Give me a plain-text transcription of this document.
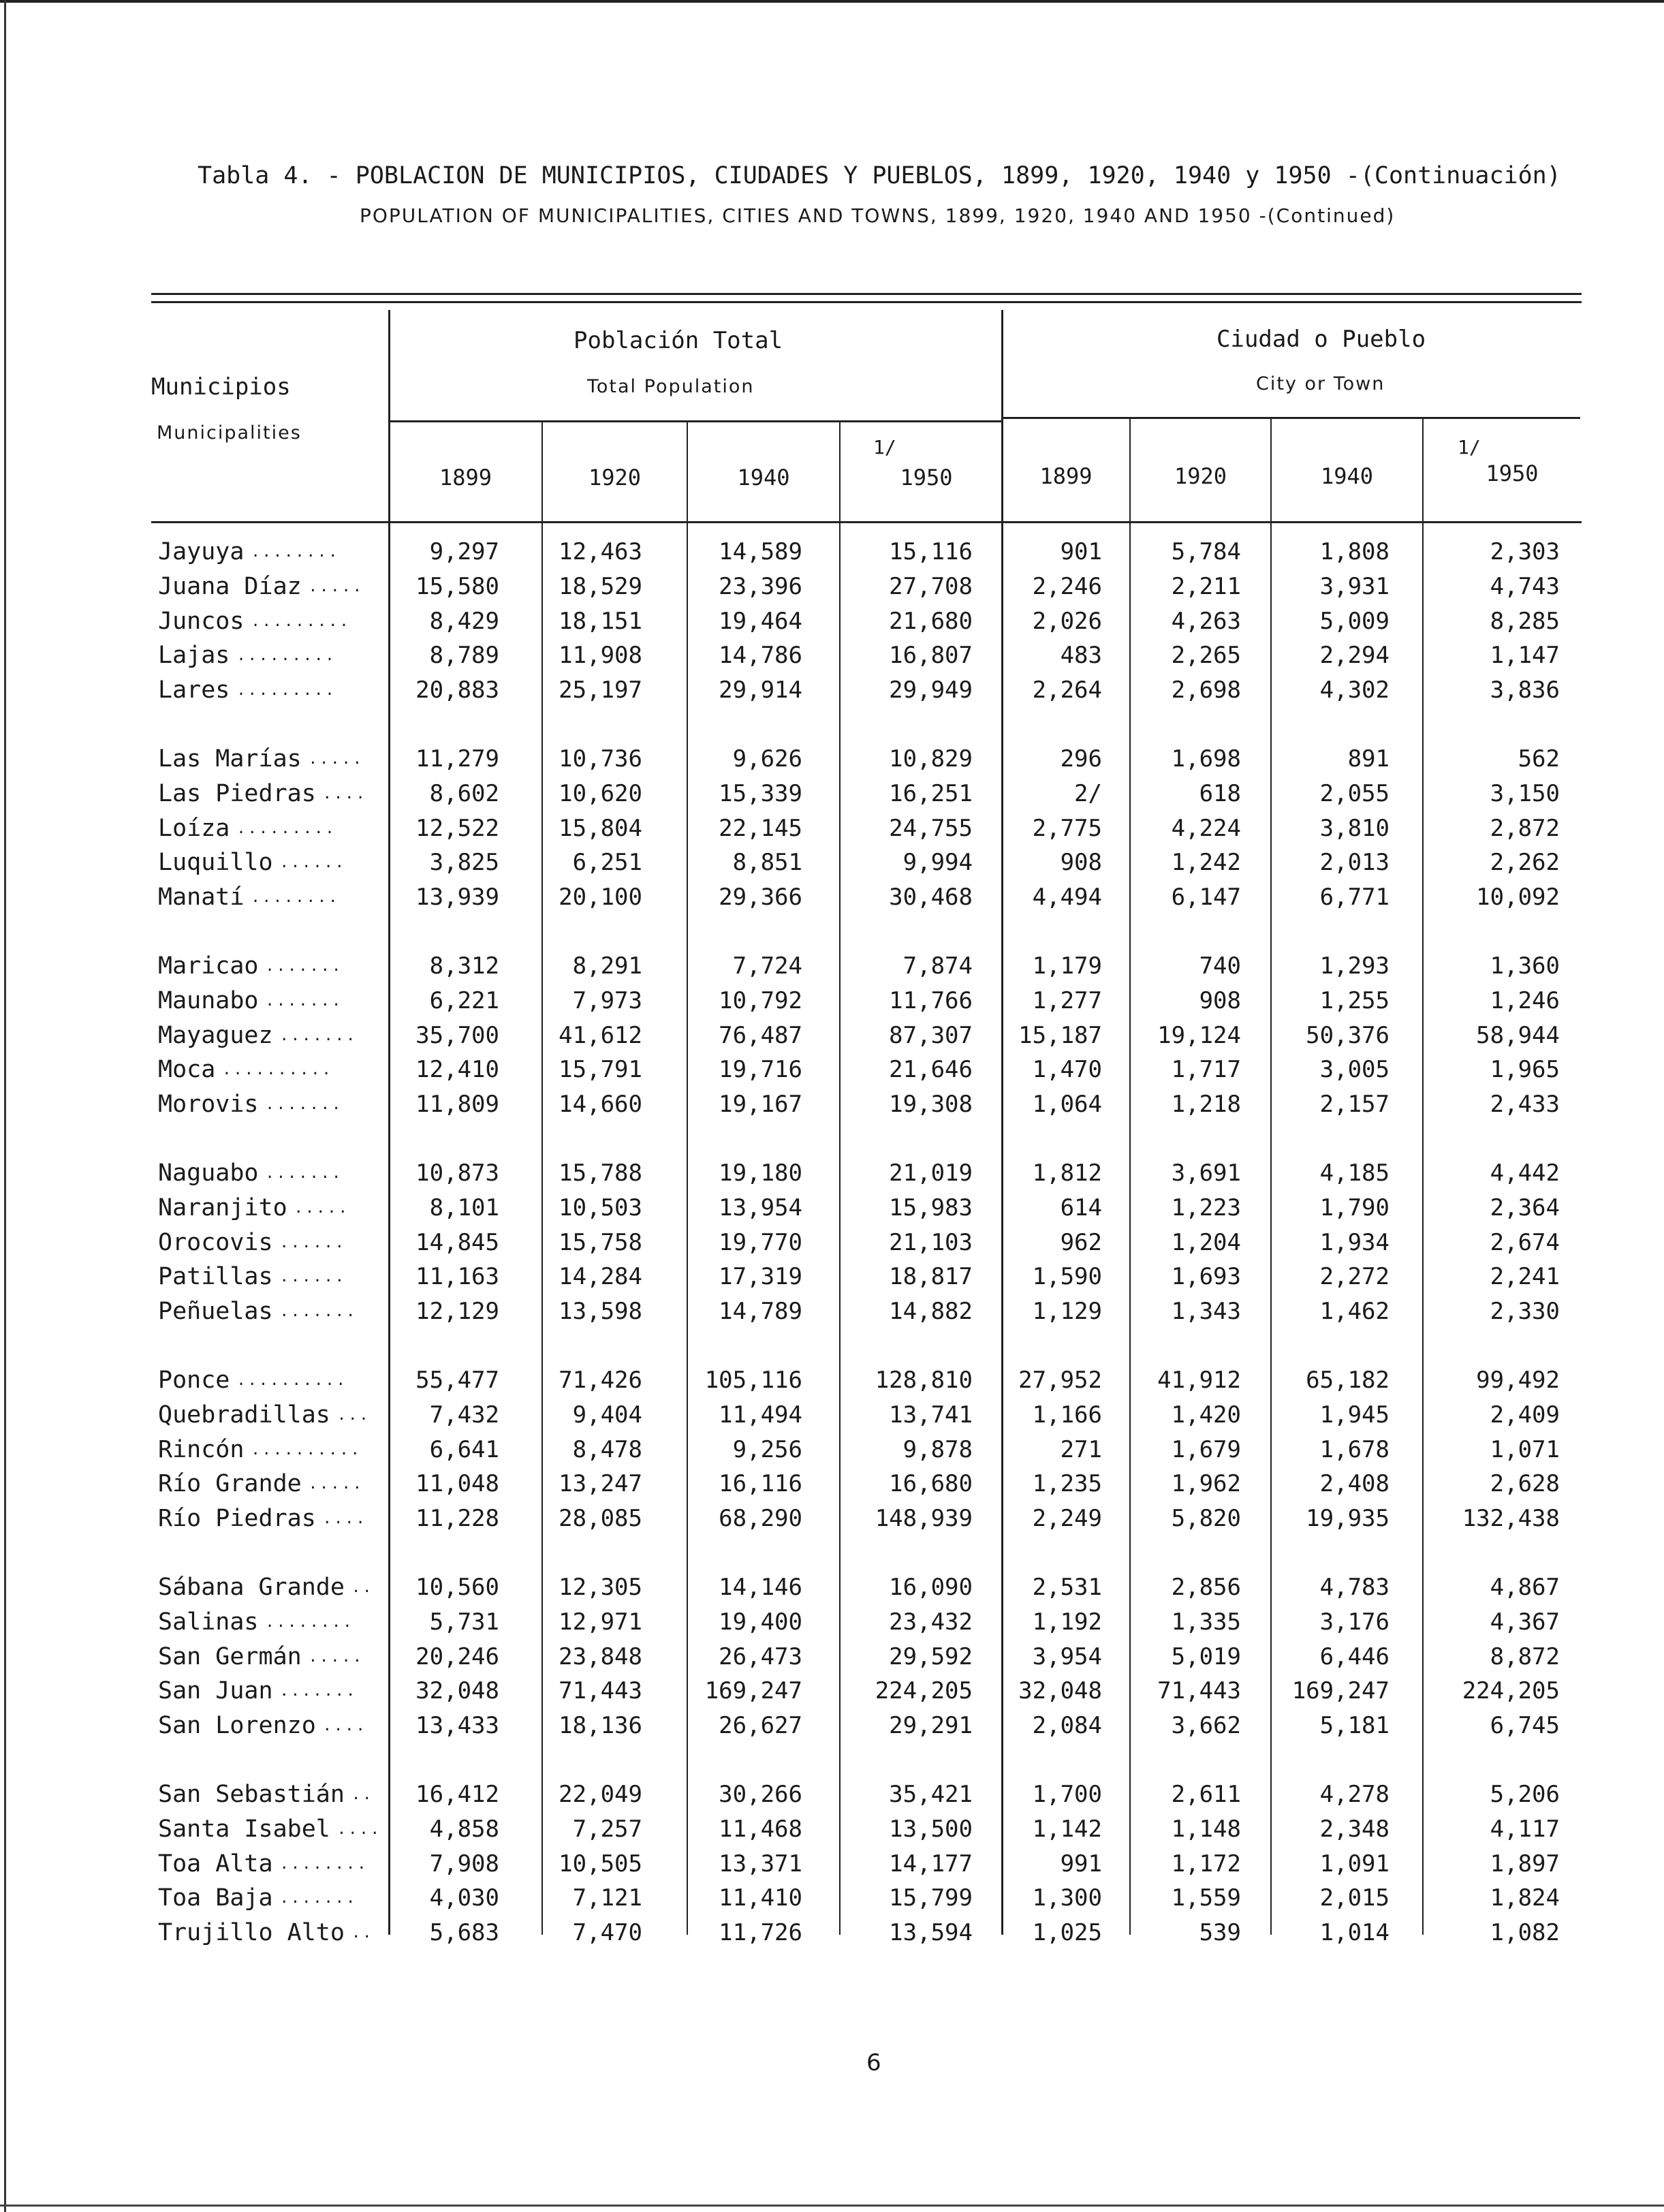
Tabla 4. - POBLACION DE MUNICIPIOS, CIUDADES Y PUEBLOS, 1899, 1920, 1940 y 1950 -(Continuación)
POPULATION OF MUNICIPALITIES, CITIES AND TOWNS, 1899, 1920, 1940 AND 1950 -(Continued)
Municipios
Municipalities
Población Total
Total Population
Ciudad o Pueblo
City or Town
1899	1920	1940	1950	1899	1920	1940	1950
1/	1/
Jayuya ........	9,297	12,463	14,589	15,116	901	5,784	1,808	2,303
Juana Díaz .....	15,580	18,529	23,396	27,708	2,246	2,211	3,931	4,743
Juncos .........	8,429	18,151	19,464	21,680	2,026	4,263	5,009	8,285
Lajas .........	8,789	11,908	14,786	16,807	483	2,265	2,294	1,147
Lares .........	20,883	25,197	29,914	29,949	2,264	2,698	4,302	3,836
Las Marías .....	11,279	10,736	9,626	10,829	296	1,698	891	562
Las Piedras ....	8,602	10,620	15,339	16,251	2/	618	2,055	3,150
Loíza .........	12,522	15,804	22,145	24,755	2,775	4,224	3,810	2,872
Luquillo ......	3,825	6,251	8,851	9,994	908	1,242	2,013	2,262
Manatí ........	13,939	20,100	29,366	30,468	4,494	6,147	6,771	10,092
Maricao .......	8,312	8,291	7,724	7,874	1,179	740	1,293	1,360
Maunabo .......	6,221	7,973	10,792	11,766	1,277	908	1,255	1,246
Mayaguez .......	35,700	41,612	76,487	87,307	15,187	19,124	50,376	58,944
Moca ..........	12,410	15,791	19,716	21,646	1,470	1,717	3,005	1,965
Morovis .......	11,809	14,660	19,167	19,308	1,064	1,218	2,157	2,433
Naguabo .......	10,873	15,788	19,180	21,019	1,812	3,691	4,185	4,442
Naranjito .....	8,101	10,503	13,954	15,983	614	1,223	1,790	2,364
Orocovis ......	14,845	15,758	19,770	21,103	962	1,204	1,934	2,674
Patillas ......	11,163	14,284	17,319	18,817	1,590	1,693	2,272	2,241
Peñuelas .......	12,129	13,598	14,789	14,882	1,129	1,343	1,462	2,330
Ponce ..........	55,477	71,426	105,116	128,810	27,952	41,912	65,182	99,492
Quebradillas ...	7,432	9,404	11,494	13,741	1,166	1,420	1,945	2,409
Rincón ..........	6,641	8,478	9,256	9,878	271	1,679	1,678	1,071
Río Grande .....	11,048	13,247	16,116	16,680	1,235	1,962	2,408	2,628
Río Piedras ....	11,228	28,085	68,290	148,939	2,249	5,820	19,935	132,438
Sábana Grande ..	10,560	12,305	14,146	16,090	2,531	2,856	4,783	4,867
Salinas ........	5,731	12,971	19,400	23,432	1,192	1,335	3,176	4,367
San Germán .....	20,246	23,848	26,473	29,592	3,954	5,019	6,446	8,872
San Juan .......	32,048	71,443	169,247	224,205	32,048	71,443	169,247	224,205
San Lorenzo ....	13,433	18,136	26,627	29,291	2,084	3,662	5,181	6,745
San Sebastián ..	16,412	22,049	30,266	35,421	1,700	2,611	4,278	5,206
Santa Isabel ....	4,858	7,257	11,468	13,500	1,142	1,148	2,348	4,117
Toa Alta ........	7,908	10,505	13,371	14,177	991	1,172	1,091	1,897
Toa Baja .......	4,030	7,121	11,410	15,799	1,300	1,559	2,015	1,824
Trujillo Alto ..	5,683	7,470	11,726	13,594	1,025	539	1,014	1,082
6
